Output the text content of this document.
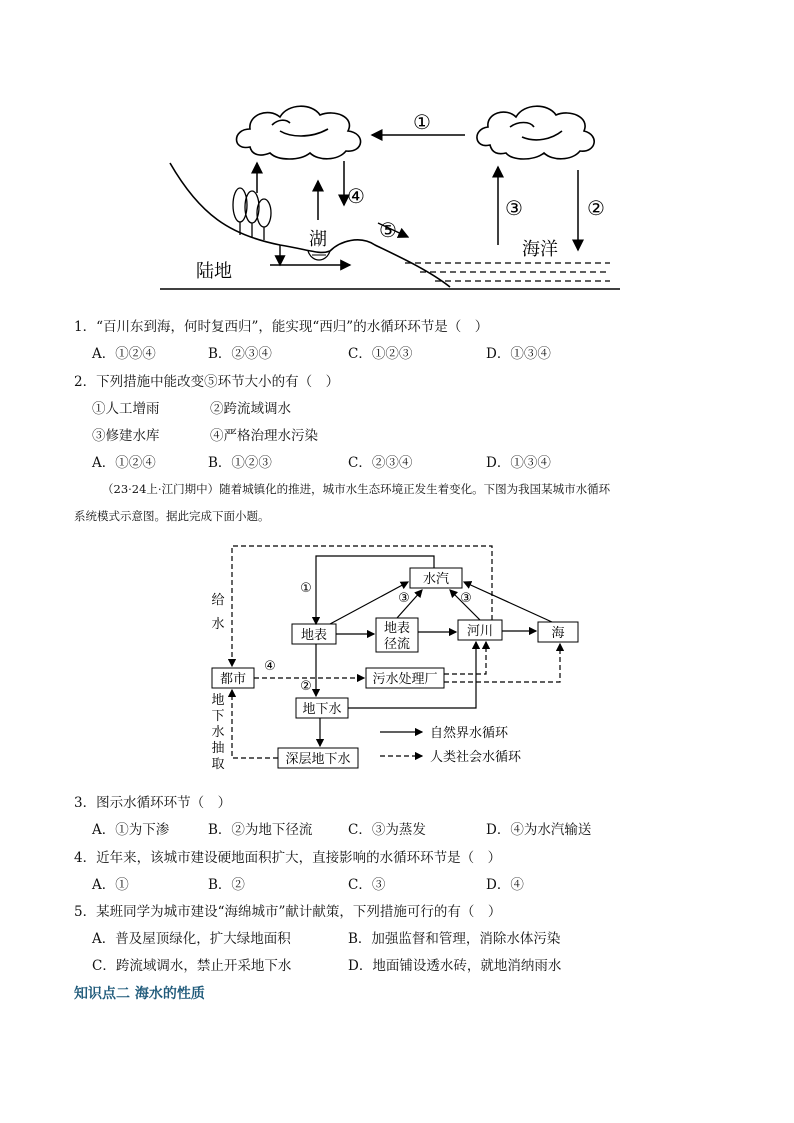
①
②
③
④
湖	⑤
陆地
海洋
1．“百川东到海，何时复西归”，能实现“西归”的水循环环节是（　）
A．①②④	B．②③④	C．①②③	D．①③④
2．下列措施中能改变⑤环节大小的有（　）
①人工增雨	②跨流域调水
③修建水库	④严格治理水污染
A．①②④	B．①②③	C．②③④	D．①③④
（23·24上·江门期中）随着城镇化的推进，城市水生态环境正发生着变化。下图为我国某城市水循环
系统模式示意图。据此完成下面小题。
水汽
地表	地表
径流
河川	海
都市	污水处理厂
地下水
深层地下水
①
②
③	③
④
给
水
地
下
水
抽
取
自然界水循环
人类社会水循环
3．图示水循环环节（　）
A．①为下渗	B．②为地下径流	C．③为蒸发	D．④为水汽输送
4．近年来，该城市建设硬地面积扩大，直接影响的水循环环节是（　）
A．①	B．②	C．③	D．④
5．某班同学为城市建设“海绵城市”献计献策，下列措施可行的有（　）
A．普及屋顶绿化，扩大绿地面积	B．加强监督和管理，消除水体污染
C．跨流域调水，禁止开采地下水	D．地面铺设透水砖，就地消纳雨水
知识点二 海水的性质
